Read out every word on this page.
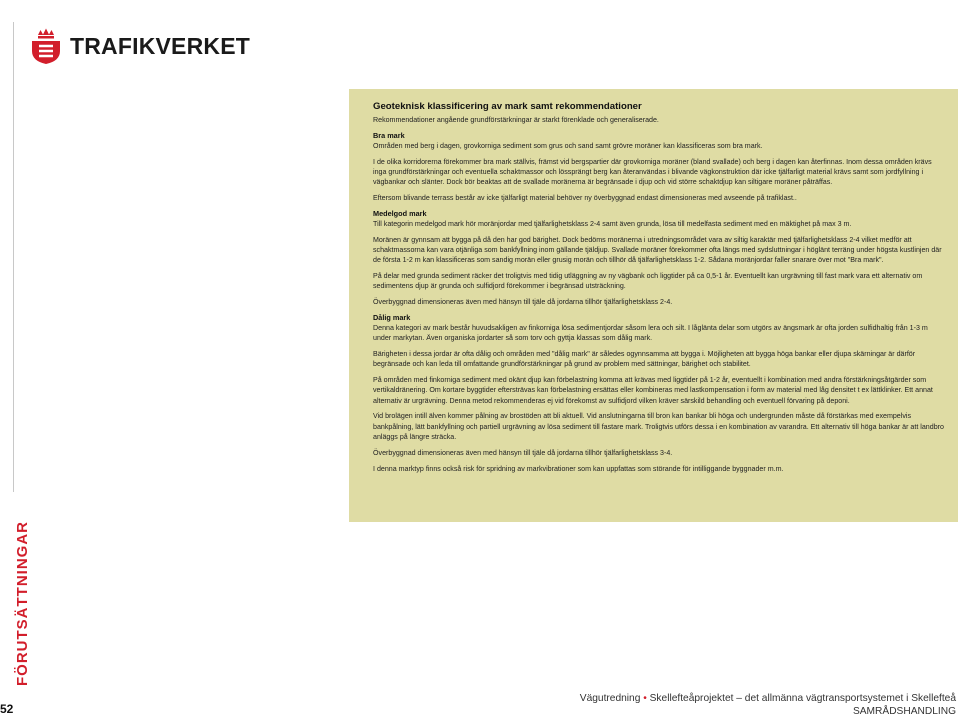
TRAFIKVERKET
Geoteknisk klassificering av mark samt rekommendationer

Rekommendationer angående grundförstärkningar är starkt förenklade och generaliserade.

Bra mark

Områden med berg i dagen, grovkorniga sediment som grus och sand samt grövre moräner kan klassificeras som bra mark.

I de olika korridorerna förekommer bra mark ställvis, främst vid bergspartier där grovkorniga moräner (bland svallade) och berg i dagen kan återfinnas. Inom dessa områden krävs inga grundförstärkningar och eventuella schaktmassor och lössprängt berg kan återanvändas i blivande vägkonstruktion där icke tjälfarligt material krävs samt som jordfyllning i vägbankar och slänter. Dock bör beaktas att de svallade moränerna är begränsade i djup och vid större schaktdjup kan siltigare moräner påträffas.

Eftersom blivande terrass består av icke tjälfarligt material behöver ny överbyggnad endast dimensioneras med avseende på trafiklast..

Medelgod mark

Till kategorin medelgod mark hör moränjordar med tjälfarlighetsklass 2-4 samt även grunda, lösa till medelfasta sediment med en mäktighet på max 3 m.

Moränen är gynnsam att bygga på då den har god bärighet. Dock bedöms moränerna i utredningsområdet vara av siltig karaktär med tjälfarlighetsklass 2-4 vilket medför att schaktmassorna kan vara otjänliga som bankfyllning inom gällande tjäldjup. Svallade moräner förekommer ofta längs med sydsluttningar i höglänt terräng under högsta kustlinjen där de första 1-2 m kan klassificeras som sandig morän eller grusig morän och tillhör då tjälfarlighetsklass 1-2. Sådana moränjordar faller snarare över mot "Bra mark".

På delar med grunda sediment räcker det troligtvis med tidig utläggning av ny vägbank och liggtider på ca 0,5-1 år. Eventuellt kan urgrävning till fast mark vara ett alternativ om sedimentens djup är grunda och sulfidjord förekommer i begränsad utsträckning.

Överbyggnad dimensioneras även med hänsyn till tjäle då jordarna tillhör tjälfarlighetsklass 2-4.

Dålig mark

Denna kategori av mark består huvudsakligen av finkorniga lösa sedimentjordar såsom lera och silt. I låglänta delar som utgörs av ängsmark är ofta jorden sulfidhaltig från 1-3 m under markytan. Även organiska jordarter så som torv och gyttja klassas som dålig mark.

Bärigheten i dessa jordar är ofta dålig och områden med "dålig mark" är således ogynnsamma att bygga i. Möjligheten att bygga höga bankar eller djupa skärningar är därför begränsade och kan leda till omfattande grundförstärkningar på grund av problem med sättningar, bärighet och stabilitet.

På områden med finkorniga sediment med okänt djup kan förbelastning komma att krävas med liggtider på 1-2 år, eventuellt i kombination med andra förstärkningsåtgärder som vertikaldränering. Om kortare byggtider eftersträvas kan förbelastning ersättas eller kombineras med lastkompensation i form av material med låg densitet t ex lättklinker. Ett annat alternativ är urgrävning. Denna metod rekommenderas ej vid förekomst av sulfidjord vilken kräver särskild behandling och eventuell förvaring på deponi.

Vid brolägen intill älven kommer pålning av brostöden att bli aktuell. Vid anslutningarna till bron kan bankar bli höga och undergrunden måste då förstärkas med exempelvis bankpålning, lätt bankfyllning och partiell urgrävning av lösa sediment till fastare mark. Troligtvis utförs dessa i en kombination av varandra. Ett alternativ till höga bankar är att landbro anläggs på längre sträcka.

Överbyggnad dimensioneras även med hänsyn till tjäle då jordarna tillhör tjälfarlighetsklass 3-4.

I denna marktyp finns också risk för spridning av markvibrationer som kan uppfattas som störande för intilliggande byggnader m.m.

FÖRUTSÄTTNINGAR
52
Vägutredning • Skellefteåprojektet – det allmänna vägtransportsystemet i Skellefteå
SAMRÅDSHANDLING
